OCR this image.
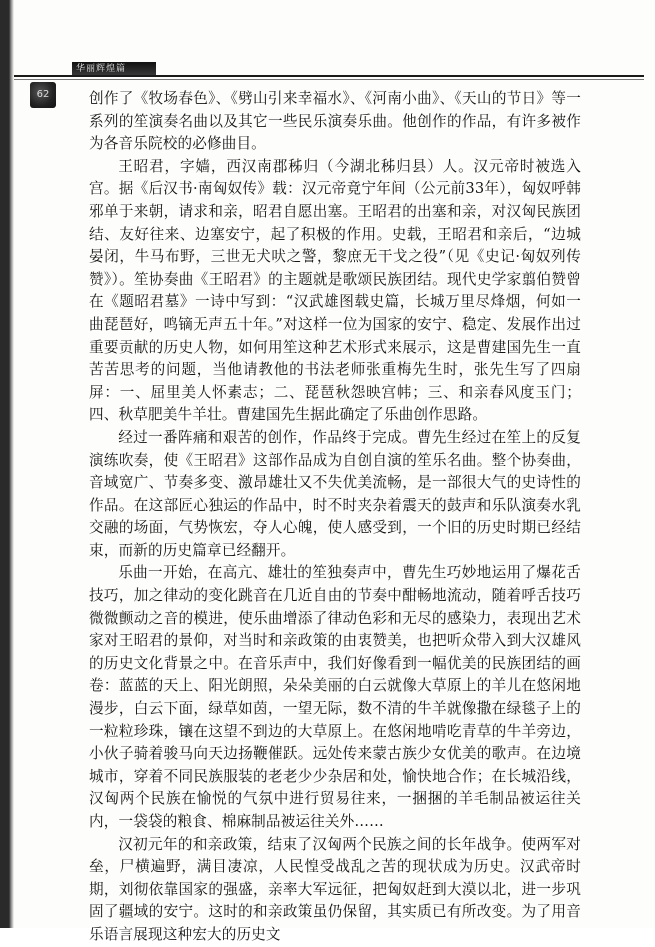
华丽辉煌篇
62	创作了《牧场春色》、《劈山引来幸福水》、《河南小曲》、《天山的节日》等一系列的笙演奏名曲以及其它一些民乐演奏乐曲。他创作的作品，有许多被作为各音乐院校的必修曲目。

王昭君，字嫱，西汉南郡秭归（今湖北秭归县）人。汉元帝时被选入宫。据《后汉书·南匈奴传》载：汉元帝竟宁年间（公元前33年），匈奴呼韩邪单于来朝，请求和亲，昭君自愿出塞。王昭君的出塞和亲，对汉匈民族团结、友好往来、边塞安宁，起了积极的作用。史载，王昭君和亲后，“边城晏闭，牛马布野，三世无犬吠之警，黎庶无干戈之役”（见《史记·匈奴列传赞》）。笙协奏曲《王昭君》的主题就是歌颂民族团结。现代史学家翦伯赞曾在《题昭君墓》一诗中写到：“汉武雄图载史篇，长城万里尽烽烟，何如一曲琵琶好，鸣镝无声五十年。”对这样一位为国家的安宁、稳定、发展作出过重要贡献的历史人物，如何用笙这种艺术形式来展示，这是曹建国先生一直苦苦思考的问题，当他请教他的书法老师张重梅先生时，张先生写了四扇屏：一、屈里美人怀素志；二、琵琶秋怨映宫帏；三、和亲春风度玉门；四、秋草肥美牛羊壮。曹建国先生据此确定了乐曲创作思路。

经过一番阵痛和艰苦的创作，作品终于完成。曹先生经过在笙上的反复演练吹奏，使《王昭君》这部作品成为自创自演的笙乐名曲。整个协奏曲，音域宽广、节奏多变、激昂雄壮又不失优美流畅，是一部很大气的史诗性的作品。在这部匠心独运的作品中，时不时夹杂着震天的鼓声和乐队演奏水乳交融的场面，气势恢宏，夺人心魄，使人感受到，一个旧的历史时期已经结束，而新的历史篇章已经翻开。

乐曲一开始，在高亢、雄壮的笙独奏声中，曹先生巧妙地运用了爆花舌技巧，加之律动的变化跳音在几近自由的节奏中酣畅地流动，随着呼舌技巧微微颤动之音的模进，使乐曲增添了律动色彩和无尽的感染力，表现出艺术家对王昭君的景仰，对当时和亲政策的由衷赞美，也把听众带入到大汉雄风的历史文化背景之中。在音乐声中，我们好像看到一幅优美的民族团结的画卷：蓝蓝的天上、阳光朗照，朵朵美丽的白云就像大草原上的羊儿在悠闲地漫步，白云下面，绿草如茵，一望无际，数不清的牛羊就像撒在绿毯子上的一粒粒珍珠，镶在这望不到边的大草原上。在悠闲地啃吃青草的牛羊旁边，小伙子骑着骏马向天边扬鞭催跃。远处传来蒙古族少女优美的歌声。在边境城市，穿着不同民族服装的老老少少杂居和处，愉快地合作；在长城沿线，汉匈两个民族在愉悦的气氛中进行贸易往来，一捆捆的羊毛制品被运往关内，一袋袋的粮食、棉麻制品被运往关外……

汉初元年的和亲政策，结束了汉匈两个民族之间的长年战争。使两军对垒，尸横遍野，满目凄凉，人民惶受战乱之苦的现状成为历史。汉武帝时期，刘彻依靠国家的强盛，亲率大军远征，把匈奴赶到大漠以北，进一步巩固了疆域的安宁。这时的和亲政策虽仍保留，其实质已有所改变。为了用音乐语言展现这种宏大的历史文
